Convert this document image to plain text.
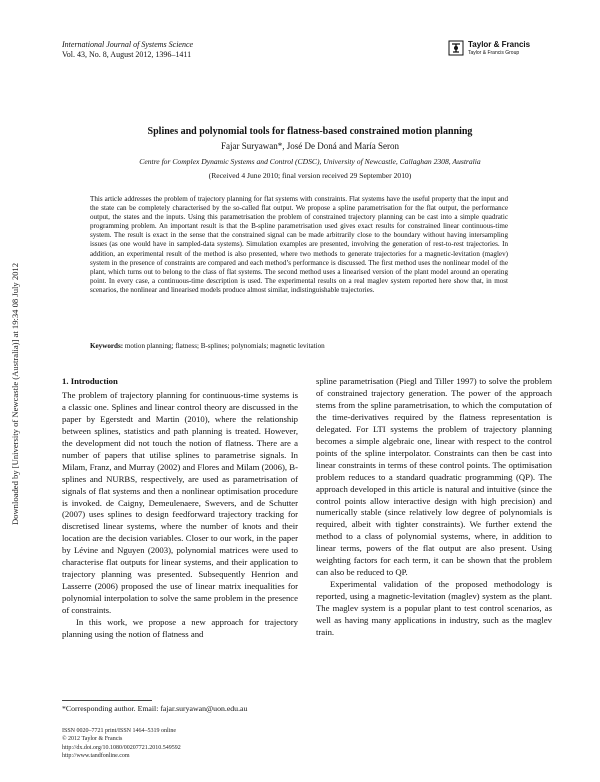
International Journal of Systems Science
Vol. 43, No. 8, August 2012, 1396–1411
Taylor & Francis
Taylor & Francis Group
Downloaded by [University of Newcastle (Australia)] at 19:34 08 July 2012
Splines and polynomial tools for flatness-based constrained motion planning
Fajar Suryawan*, José De Doná and María Seron
Centre for Complex Dynamic Systems and Control (CDSC), University of Newcastle, Callaghan 2308, Australia
(Received 4 June 2010; final version received 29 September 2010)
This article addresses the problem of trajectory planning for flat systems with constraints. Flat systems have the useful property that the input and the state can be completely characterised by the so-called flat output. We propose a spline parametrisation for the flat output, the performance output, the states and the inputs. Using this parametrisation the problem of constrained trajectory planning can be cast into a simple quadratic programming problem. An important result is that the B-spline parametrisation used gives exact results for constrained linear continuous-time system. The result is exact in the sense that the constrained signal can be made arbitrarily close to the boundary without having intersampling issues (as one would have in sampled-data systems). Simulation examples are presented, involving the generation of rest-to-rest trajectories. In addition, an experimental result of the method is also presented, where two methods to generate trajectories for a magnetic-levitation (maglev) system in the presence of constraints are compared and each method’s performance is discussed. The first method uses the nonlinear model of the plant, which turns out to belong to the class of flat systems. The second method uses a linearised version of the plant model around an operating point. In every case, a continuous-time description is used. The experimental results on a real maglev system reported here show that, in most scenarios, the nonlinear and linearised models produce almost similar, indistinguishable trajectories.
Keywords: motion planning; flatness; B-splines; polynomials; magnetic levitation
1. Introduction

The problem of trajectory planning for continuous-time systems is a classic one. Splines and linear control theory are discussed in the paper by Egerstedt and Martin (2010), where the relationship between splines, statistics and path planning is treated. However, the development did not touch the notion of flatness. There are a number of papers that utilise splines to parametrise signals. In Milam, Franz, and Murray (2002) and Flores and Milam (2006), B-splines and NURBS, respectively, are used as parametrisation of signals of flat systems and then a nonlinear optimisation procedure is invoked. de Caigny, Demeulenaere, Swevers, and de Schutter (2007) uses splines to design feedforward trajectory tracking for discretised linear systems, where the number of knots and their location are the decision variables. Closer to our work, in the paper by Lévine and Nguyen (2003), polynomial matrices were used to characterise flat outputs for linear systems, and their application to trajectory planning was presented. Subsequently Henrion and Lasserre (2006) proposed the use of linear matrix inequalities for polynomial interpolation to solve the same problem in the presence of constraints.

In this work, we propose a new approach for trajectory planning using the notion of flatness and

spline parametrisation (Piegl and Tiller 1997) to solve the problem of constrained trajectory generation. The power of the approach stems from the spline parametrisation, to which the computation of the time-derivatives required by the flatness representation is delegated. For LTI systems the problem of trajectory planning becomes a simple algebraic one, linear with respect to the control points of the spline interpolator. Constraints can then be cast into linear constraints in terms of these control points. The optimisation problem reduces to a standard quadratic programming (QP). The approach developed in this article is natural and intuitive (since the control points allow interactive design with high precision) and numerically stable (since relatively low degree of polynomials is required, albeit with tighter constraints). We further extend the method to a class of polynomial systems, where, in addition to linear terms, powers of the flat output are also present. Using weighting factors for each term, it can be shown that the problem can also be reduced to QP.

Experimental validation of the proposed methodology is reported, using a magnetic-levitation (maglev) system as the plant. The maglev system is a popular plant to test control scenarios, as well as having many applications in industry, such as the maglev train.

*Corresponding author. Email: fajar.suryawan@uon.edu.au
ISSN 0020–7721 print/ISSN 1464–5319 online
© 2012 Taylor & Francis
http://dx.doi.org/10.1080/00207721.2010.549592
http://www.tandfonline.com
